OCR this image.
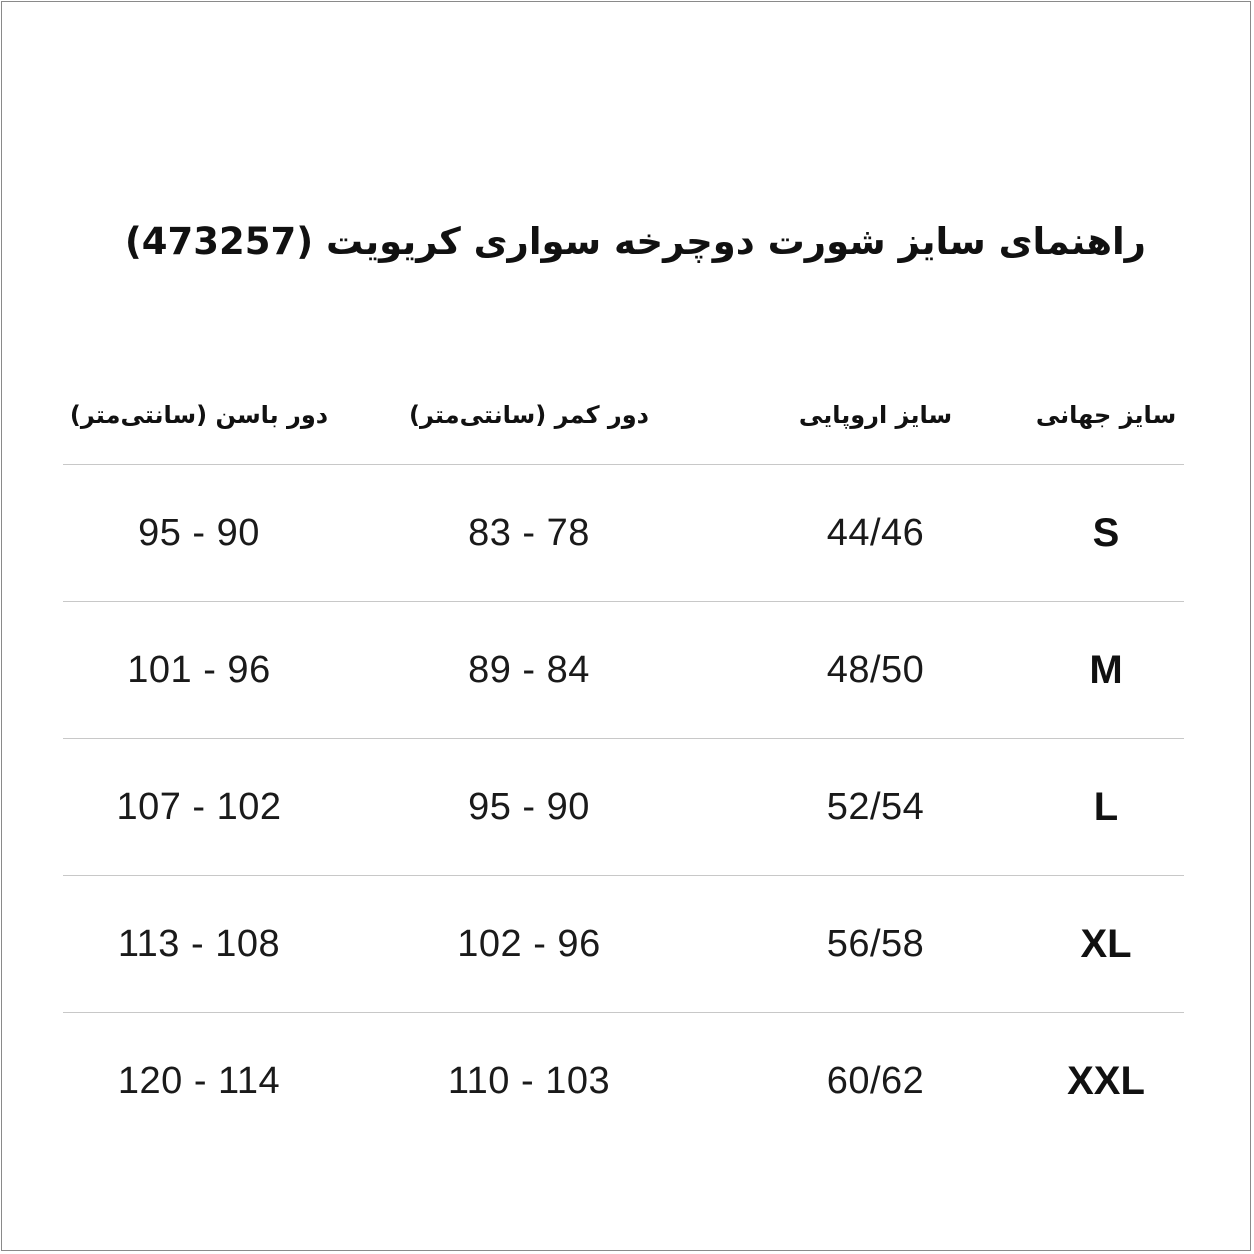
راهنمای سایز شورت دوچرخه سواری کریویت (473257)
دور باسن (سانتی‌متر)	دور کمر (سانتی‌متر)	سایز اروپایی	سایز جهانی
95 - 90	83 - 78	44/46	S
101 - 96	89 - 84	48/50	M
107 - 102	95 - 90	52/54	L
113 - 108	102 - 96	56/58	XL
120 - 114	110 - 103	60/62	XXL
